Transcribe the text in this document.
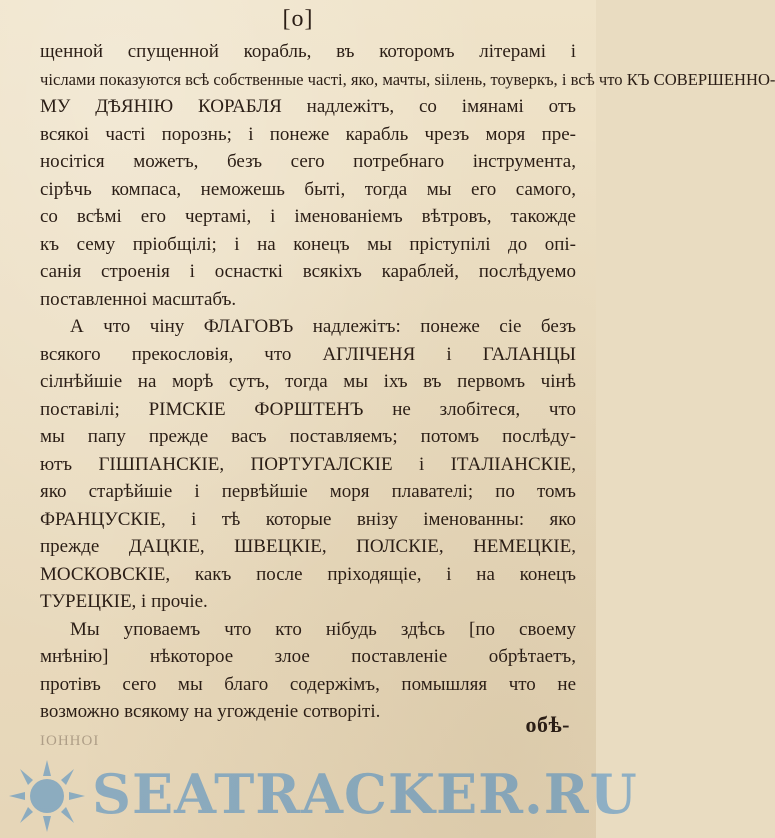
[o]
щенной спущенной корабль, въ которомъ літерамі і
чіслами показуются всѣ собственные часті, яко, мачты, sіілень, тоуверкъ, і всѣ что КЪ СОВЕРШЕННО-
МУ ДѢЯНІЮ КОРАБЛЯ надлежітъ, со імянамі отъ
всякоі часті порознь; і понеже карабль чрезъ моря пре-
носітіся можетъ, безъ сего потребнаго інструмента,
сірѣчь компаса, неможешь быті, тогда мы его самого,
со всѣмі его чертамі, і іменованіемъ вѣтровъ, такожде
къ сему пріобщілі; і на конецъ мы пріступілі до опі-
санія строенія і оснасткі всякіхъ караблей, послѣдуемо
поставленноі масштабъ.
А что чіну ФЛАГОВЪ надлежітъ: понеже сіе безъ
всякого прекословія, что АГЛІЧЕНЯ і ГАЛАНЦЫ
сілнѣйшіе на морѣ сутъ, тогда мы іхъ въ первомъ чінѣ
поставілі; РІМСКІЕ ФОРШТЕНЪ не злобітеся, что
мы папу прежде васъ поставляемъ; потомъ послѣду-
ютъ ГІШПАНСКІЕ, ПОРТУГАЛСКІЕ і ІТАЛІАНСКІЕ,
яко старѣйшіе і первѣйшіе моря плавателі; по томъ
ФРАНЦУСКІЕ, і тѣ которые внізу іменованны: яко
прежде ДАЦКІЕ, ШВЕЦКІЕ, ПОЛСКІЕ, НЕМЕЦКІЕ,
МОСКОВСКІЕ, какъ после прiходящіе, і на конецъ
ТУРЕЦКІЕ, і прочіе.
Мы уповаемъ что кто нібудь здѣсь [по своему
мнѣнію] нѣкоторое злое поставленіе обрѣтаетъ,
протівъ сего мы благо содержімъ, помышляя что не
возможно всякому на угожденіе сотворіті.
обѣ-
ІОННОІ
SEATRACKER.RU
